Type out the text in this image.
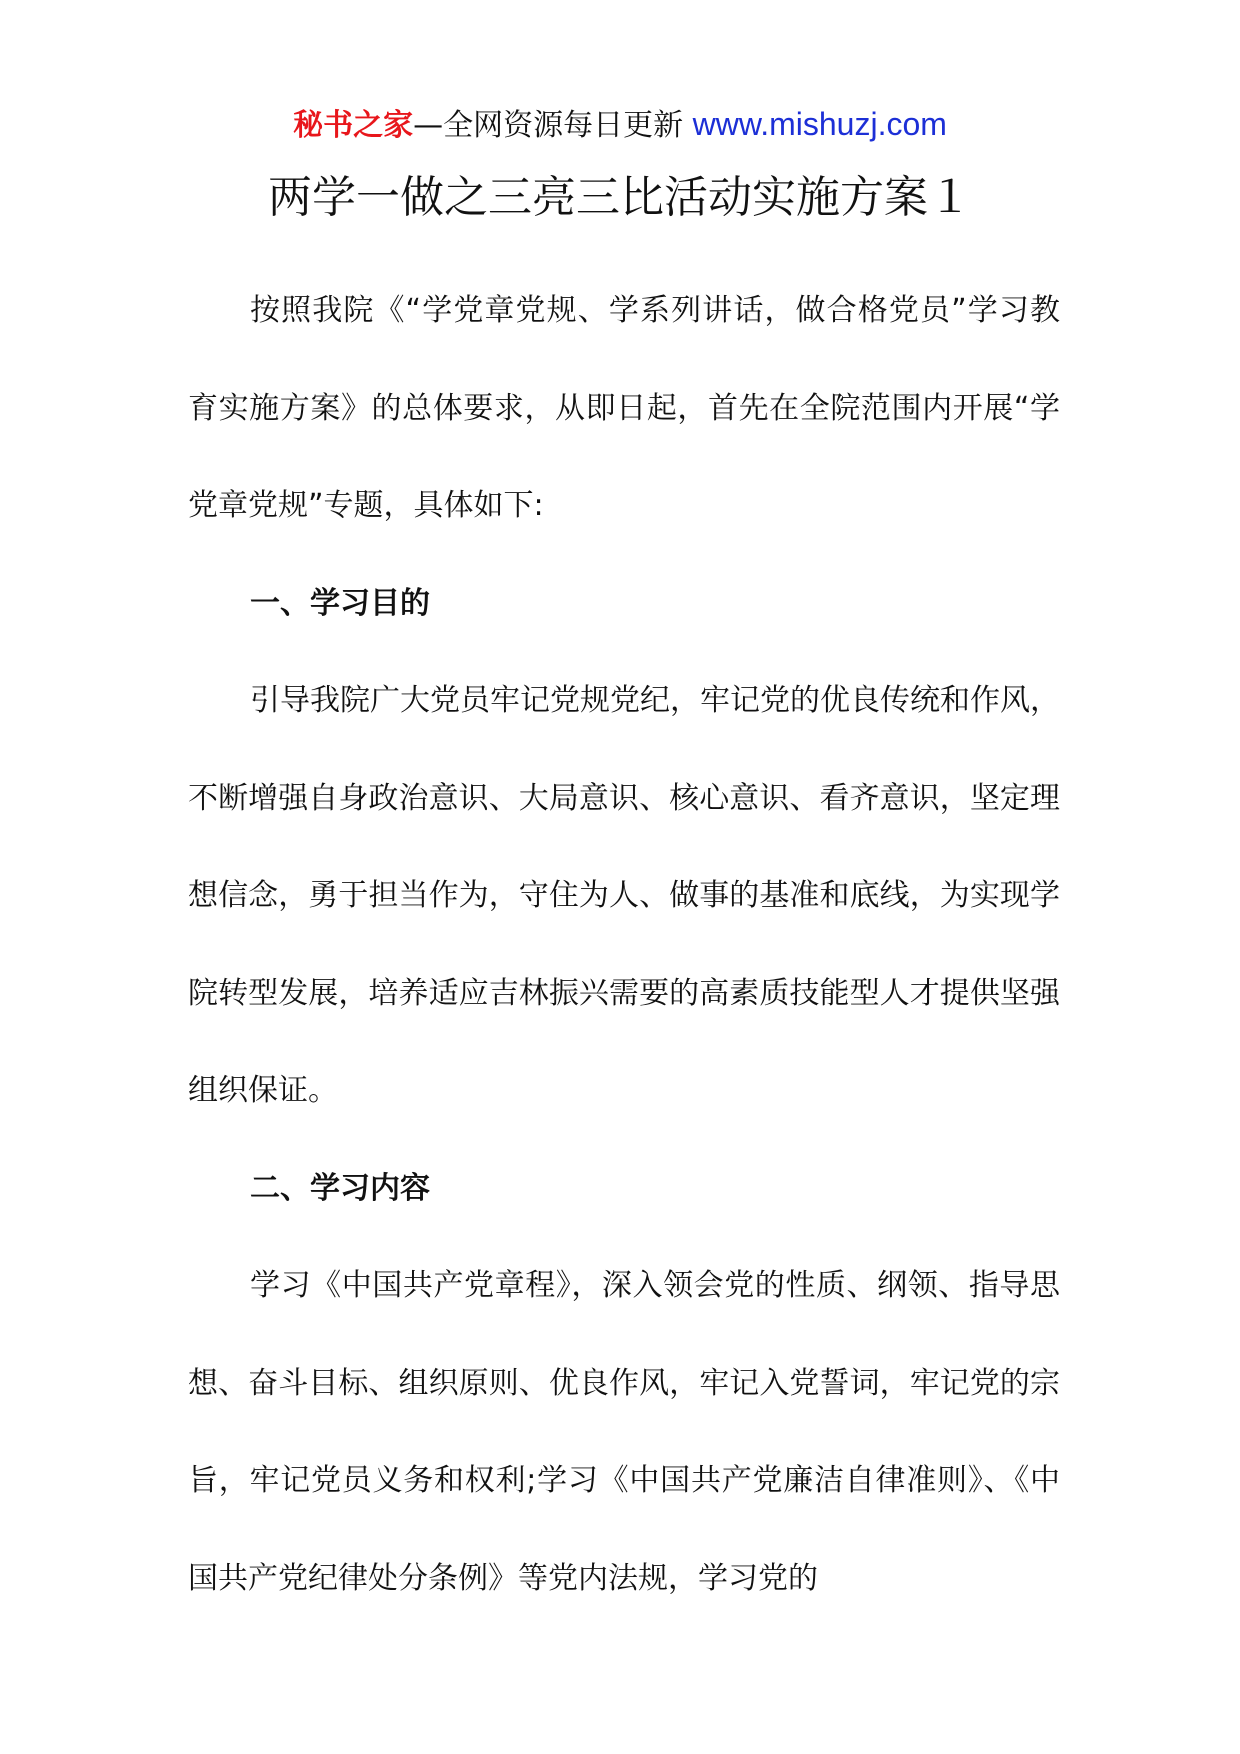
秘书之家—全网资源每日更新 www.mishuzj.com
两学一做之三亮三比活动实施方案１

按照我院《“学党章党规、学系列讲话，做合格党员”学习教育实施方案》的总体要求，从即日起，首先在全院范围内开展“学党章党规”专题，具体如下:

一、学习目的

引导我院广大党员牢记党规党纪，牢记党的优良传统和作风，不断增强自身政治意识、大局意识、核心意识、看齐意识，坚定理想信念，勇于担当作为，守住为人、做事的基准和底线，为实现学院转型发展，培养适应吉林振兴需要的高素质技能型人才提供坚强组织保证。

二、学习内容

学习《中国共产党章程》，深入领会党的性质、纲领、指导思想、奋斗目标、组织原则、优良作风，牢记入党誓词，牢记党的宗旨，牢记党员义务和权利;学习《中国共产党廉洁自律准则》、《中国共产党纪律处分条例》等党内法规，学习党的
